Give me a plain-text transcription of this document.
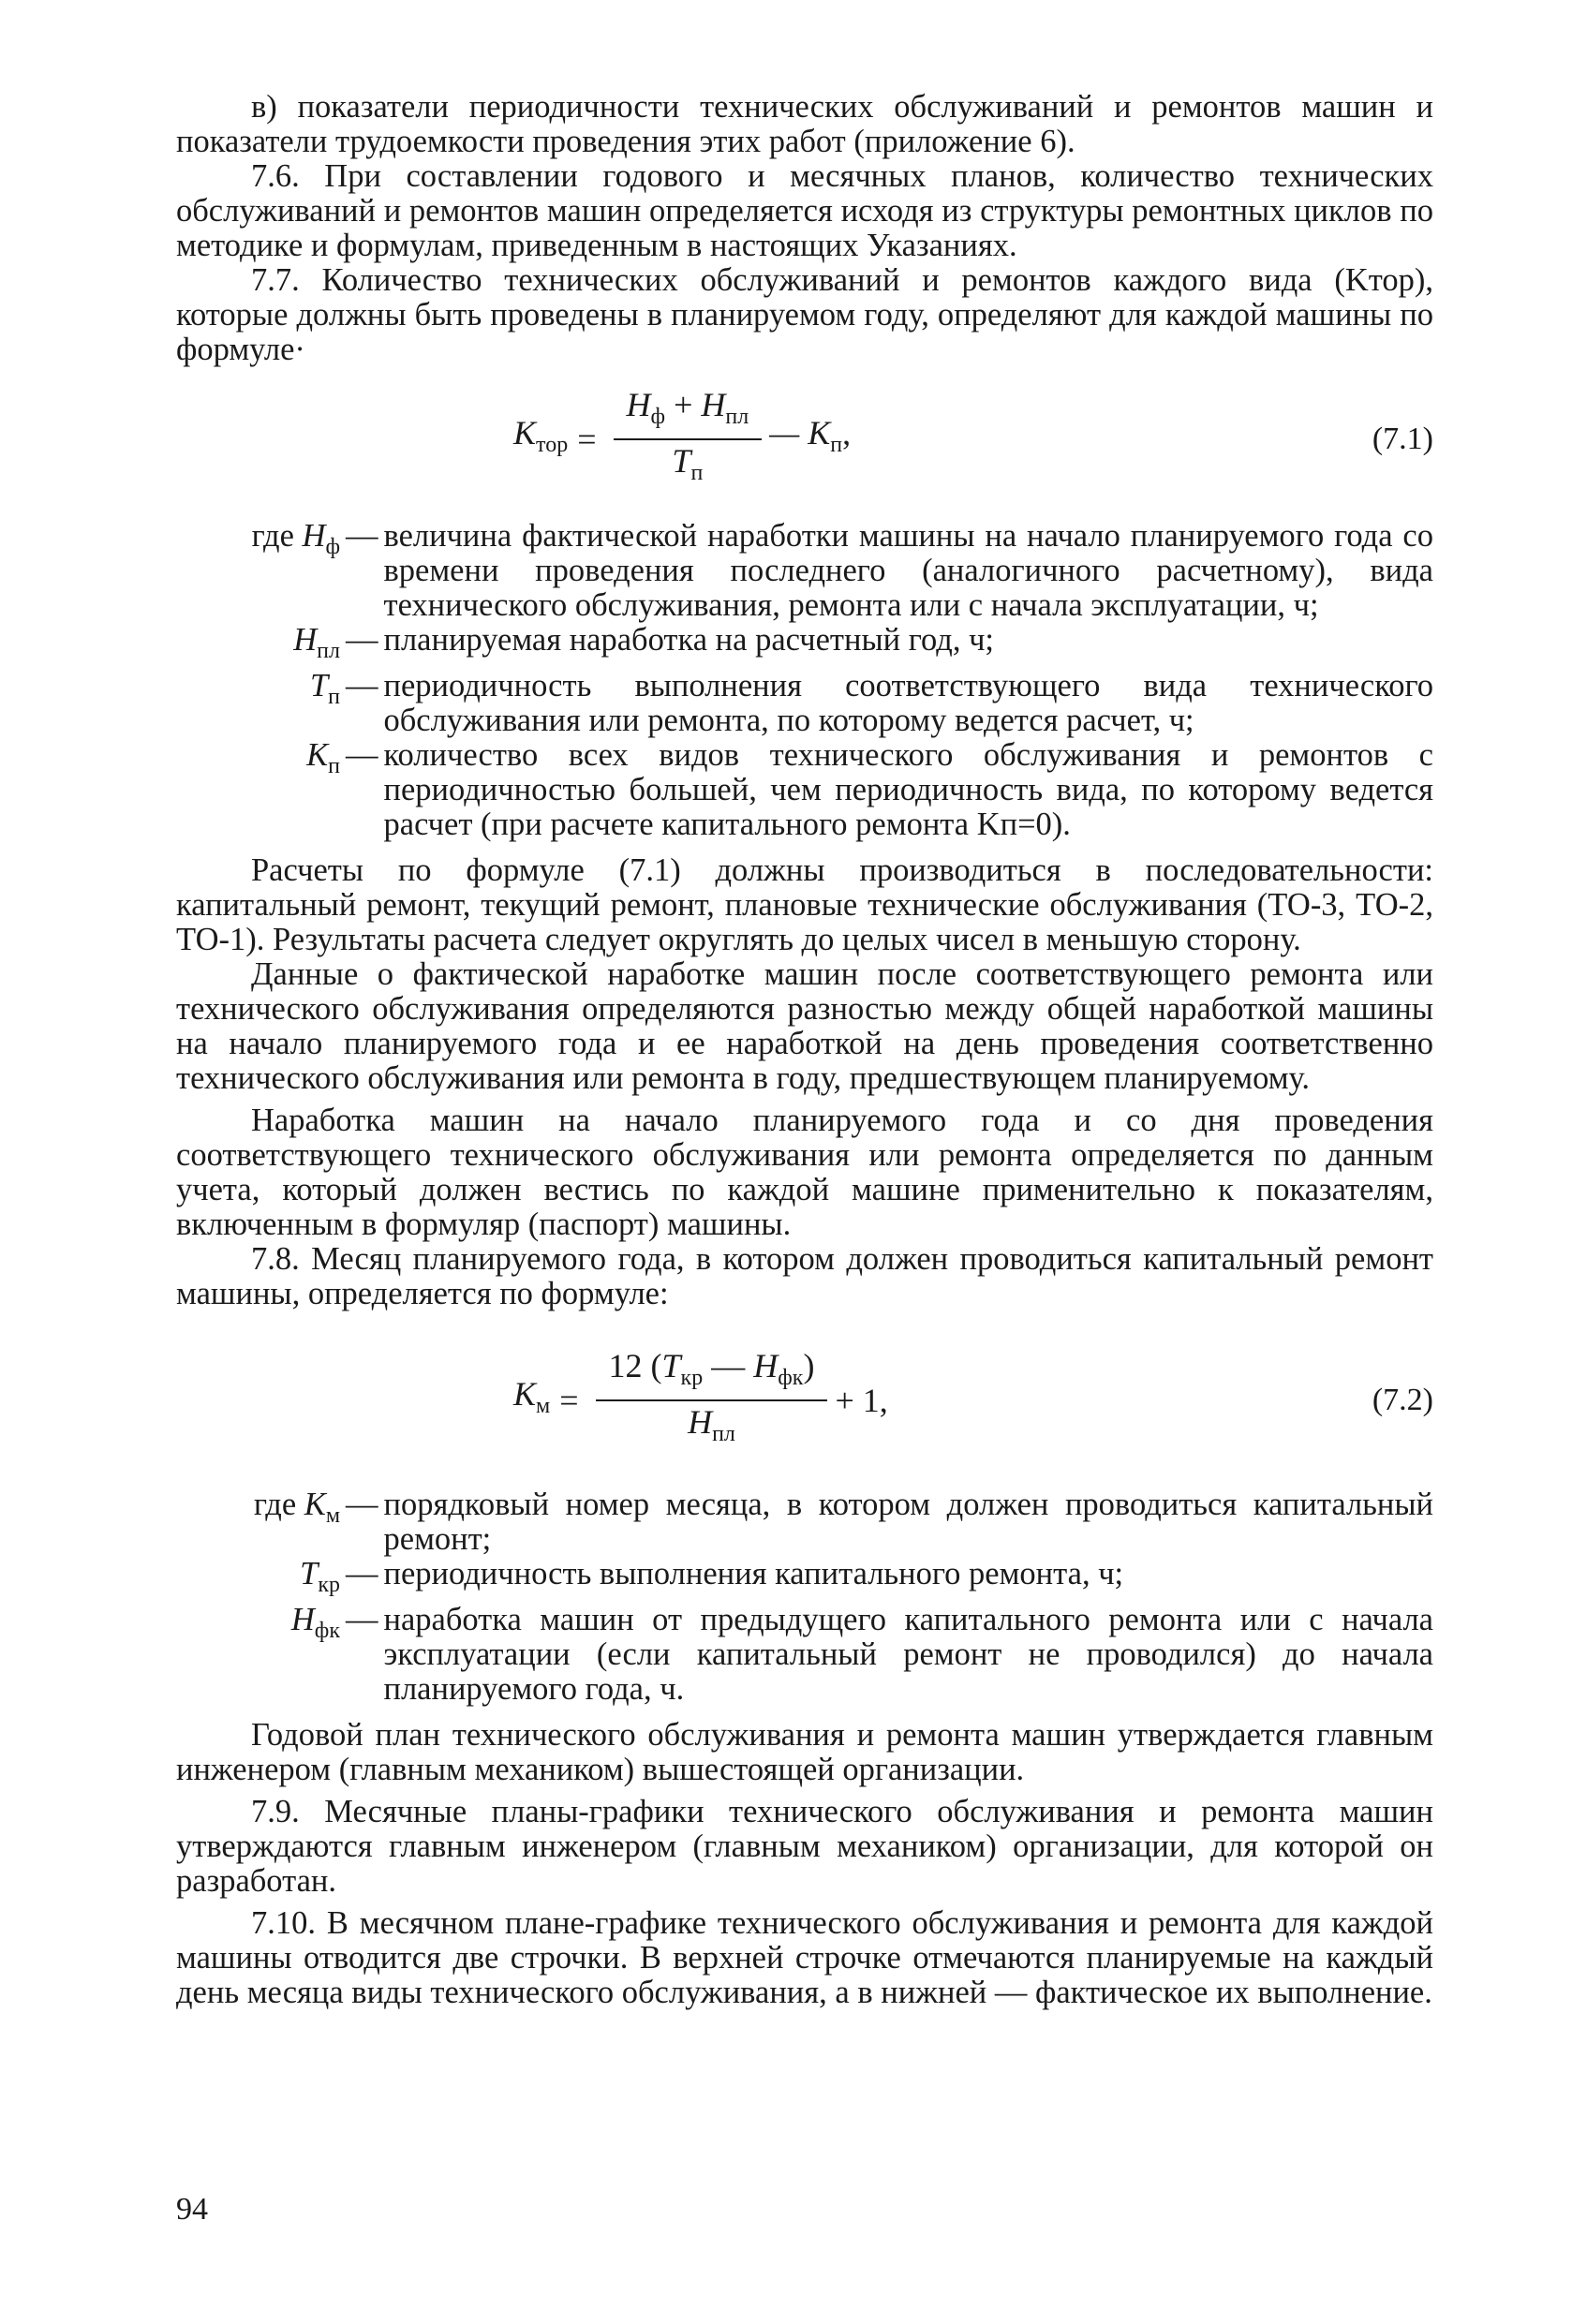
в) показатели периодичности технических обслуживаний и ремонтов машин и показатели трудоемкости проведения этих работ (приложение 6).

7.6. При составлении годового и месячных планов, количество технических обслуживаний и ремонтов машин определяется исходя из структуры ремонтных циклов по методике и формулам, приведенным в настоящих Указаниях.

7.7. Количество технических обслуживаний и ремонтов каждого вида (Kтор), которые должны быть проведены в планируемом году, определяют для каждой машины по формуле·

$K_{тор}$	=	$\frac{H_ф + H_{пл}}{T_п}$	— $K_п$,	(7.1)
где $H_ф$ — величина фактической наработки машины на начало планируемого года со времени проведения последнего (аналогичного расчетному), вида технического обслуживания, ремонта или с начала эксплуатации, ч;
$H_{пл}$ — планируемая наработка на расчетный год, ч;
$T_п$ — периодичность выполнения соответствующего вида технического обслуживания или ремонта, по которому ведется расчет, ч;
$K_п$ — количество всех видов технического обслуживания и ремонтов с периодичностью большей, чем периодичность вида, по которому ведется расчет (при расчете капитального ремонта Kп=0).

Расчеты по формуле (7.1) должны производиться в последовательности: капитальный ремонт, текущий ремонт, плановые технические обслуживания (ТО-3, ТО-2, ТО-1). Результаты расчета следует округлять до целых чисел в меньшую сторону.

Данные о фактической наработке машин после соответствующего ремонта или технического обслуживания определяются разностью между общей наработкой машины на начало планируемого года и ее наработкой на день проведения соответственно технического обслуживания или ремонта в году, предшествующем планируемому.

Наработка машин на начало планируемого года и со дня проведения соответствующего технического обслуживания или ремонта определяется по данным учета, который должен вестись по каждой машине применительно к показателям, включенным в формуляр (паспорт) машины.

7.8. Месяц планируемого года, в котором должен проводиться капитальный ремонт машины, определяется по формуле:

$K_м$	=	$\frac{12 (T_{кр} — H_{фк})}{H_{пл}}$	+ 1,	(7.2)
где $K_м$ — порядковый номер месяца, в котором должен проводиться капитальный ремонт;
$T_{кр}$ — периодичность выполнения капитального ремонта, ч;
$H_{фк}$ — наработка машин от предыдущего капитального ремонта или с начала эксплуатации (если капитальный ремонт не проводился) до начала планируемого года, ч.

Годовой план технического обслуживания и ремонта машин утверждается главным инженером (главным механиком) вышестоящей организации.

7.9. Месячные планы-графики технического обслуживания и ремонта машин утверждаются главным инженером (главным механиком) организации, для которой он разработан.

7.10. В месячном плане-графике технического обслуживания и ремонта для каждой машины отводится две строчки. В верхней строчке отмечаются планируемые на каждый день месяца виды технического обслуживания, а в нижней — фактическое их выполнение.

94
